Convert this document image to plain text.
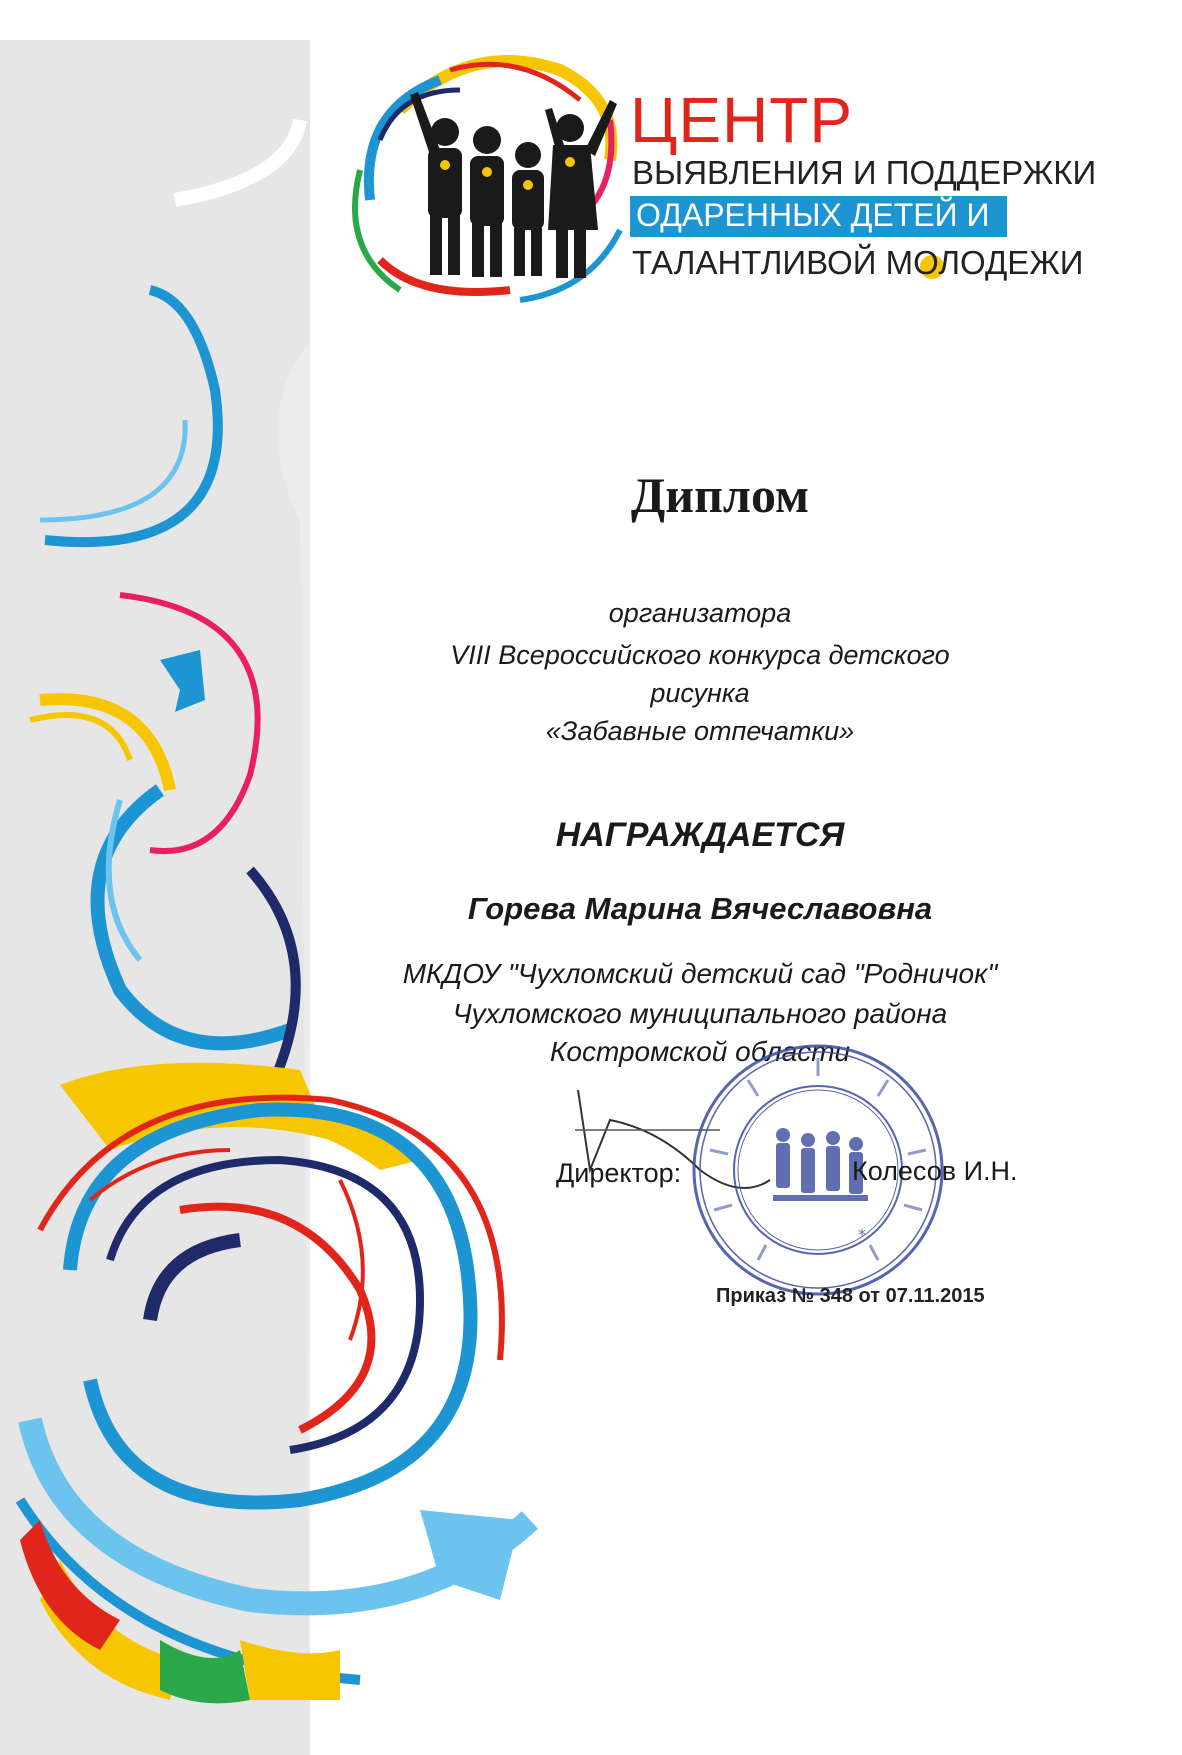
ЦЕНТР
ВЫЯВЛЕНИЯ И ПОДДЕРЖКИ
ОДАРЕННЫХ ДЕТЕЙ И
ТАЛАНТЛИВОЙ МОЛОДЕЖИ
Диплом
организатора
VIII Всероссийского конкурса детского
рисунка
«Забавные отпечатки»
НАГРАЖДАЕТСЯ
Горева Марина Вячеславовна
МКДОУ "Чухломский детский сад "Родничок"
Чухломского муниципального района
Костромской области
*
Директор:	Колесов И.Н.
Приказ № 348 от 07.11.2015
